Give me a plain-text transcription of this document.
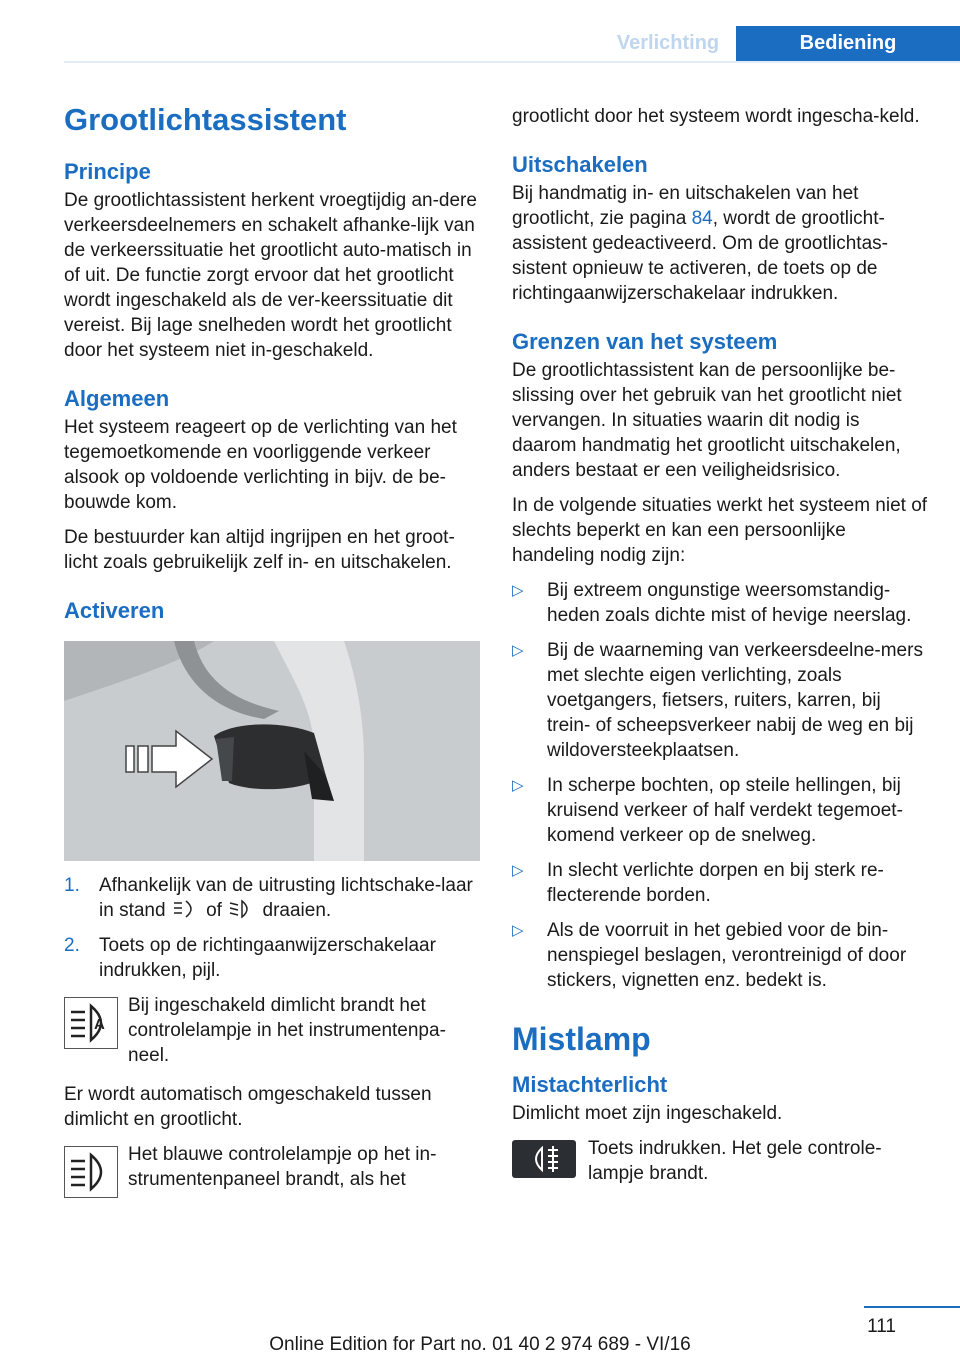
Verlichting	Bediening
Grootlichtassistent
Principe

De grootlichtassistent herkent vroegtijdig an-dere verkeersdeelnemers en schakelt afhanke-lijk van de verkeerssituatie het grootlicht auto-matisch in of uit. De functie zorgt ervoor dat het grootlicht wordt ingeschakeld als de ver-keerssituatie dit vereist. Bij lage snelheden wordt het grootlicht door het systeem niet in-geschakeld.

Algemeen

Het systeem reageert op de verlichting van het tegemoetkomende en voorliggende verkeer alsook op voldoende verlichting in bijv. de be-bouwde kom.

De bestuurder kan altijd ingrijpen en het groot-licht zoals gebruikelijk zelf in- en uitschakelen.

Activeren
1. Afhankelijk van de uitrusting lichtschake-laar in stand of draaien.
2. Toets op de richtingaanwijzerschakelaar indrukken, pijl.
A

Bij ingeschakeld dimlicht brandt het controlelampje in het instrumentenpa-neel.

Er wordt automatisch omgeschakeld tussen dimlicht en grootlicht.

Het blauwe controlelampje op het in-strumentenpaneel brandt, als het

grootlicht door het systeem wordt ingescha-keld.

Uitschakelen

Bij handmatig in- en uitschakelen van het grootlicht, zie pagina 84, wordt de grootlicht-assistent gedeactiveerd. Om de grootlichtas-sistent opnieuw te activeren, de toets op de richtingaanwijzerschakelaar indrukken.

Grenzen van het systeem

De grootlichtassistent kan de persoonlijke be-slissing over het gebruik van het grootlicht niet vervangen. In situaties waarin dit nodig is daarom handmatig het grootlicht uitschakelen, anders bestaat er een veiligheidsrisico.

In de volgende situaties werkt het systeem niet of slechts beperkt en kan een persoonlijke handeling nodig zijn:

▷ Bij extreem ongunstige weersomstandig-heden zoals dichte mist of hevige neerslag.
▷ Bij de waarneming van verkeersdeelne-mers met slechte eigen verlichting, zoals voetgangers, fietsers, ruiters, karren, bij trein- of scheepsverkeer nabij de weg en bij wildoversteekplaatsen.
▷ In scherpe bochten, op steile hellingen, bij kruisend verkeer of half verdekt tegemoet-komend verkeer op de snelweg.
▷ In slecht verlichte dorpen en bij sterk re-flecterende borden.
▷ Als de voorruit in het gebied voor de bin-nenspiegel beslagen, verontreinigd of door stickers, vignetten enz. bedekt is.
Mistlamp
Mistachterlicht

Dimlicht moet zijn ingeschakeld.

Toets indrukken. Het gele controle-lampje brandt.

111
Online Edition for Part no. 01 40 2 974 689 - VI/16
